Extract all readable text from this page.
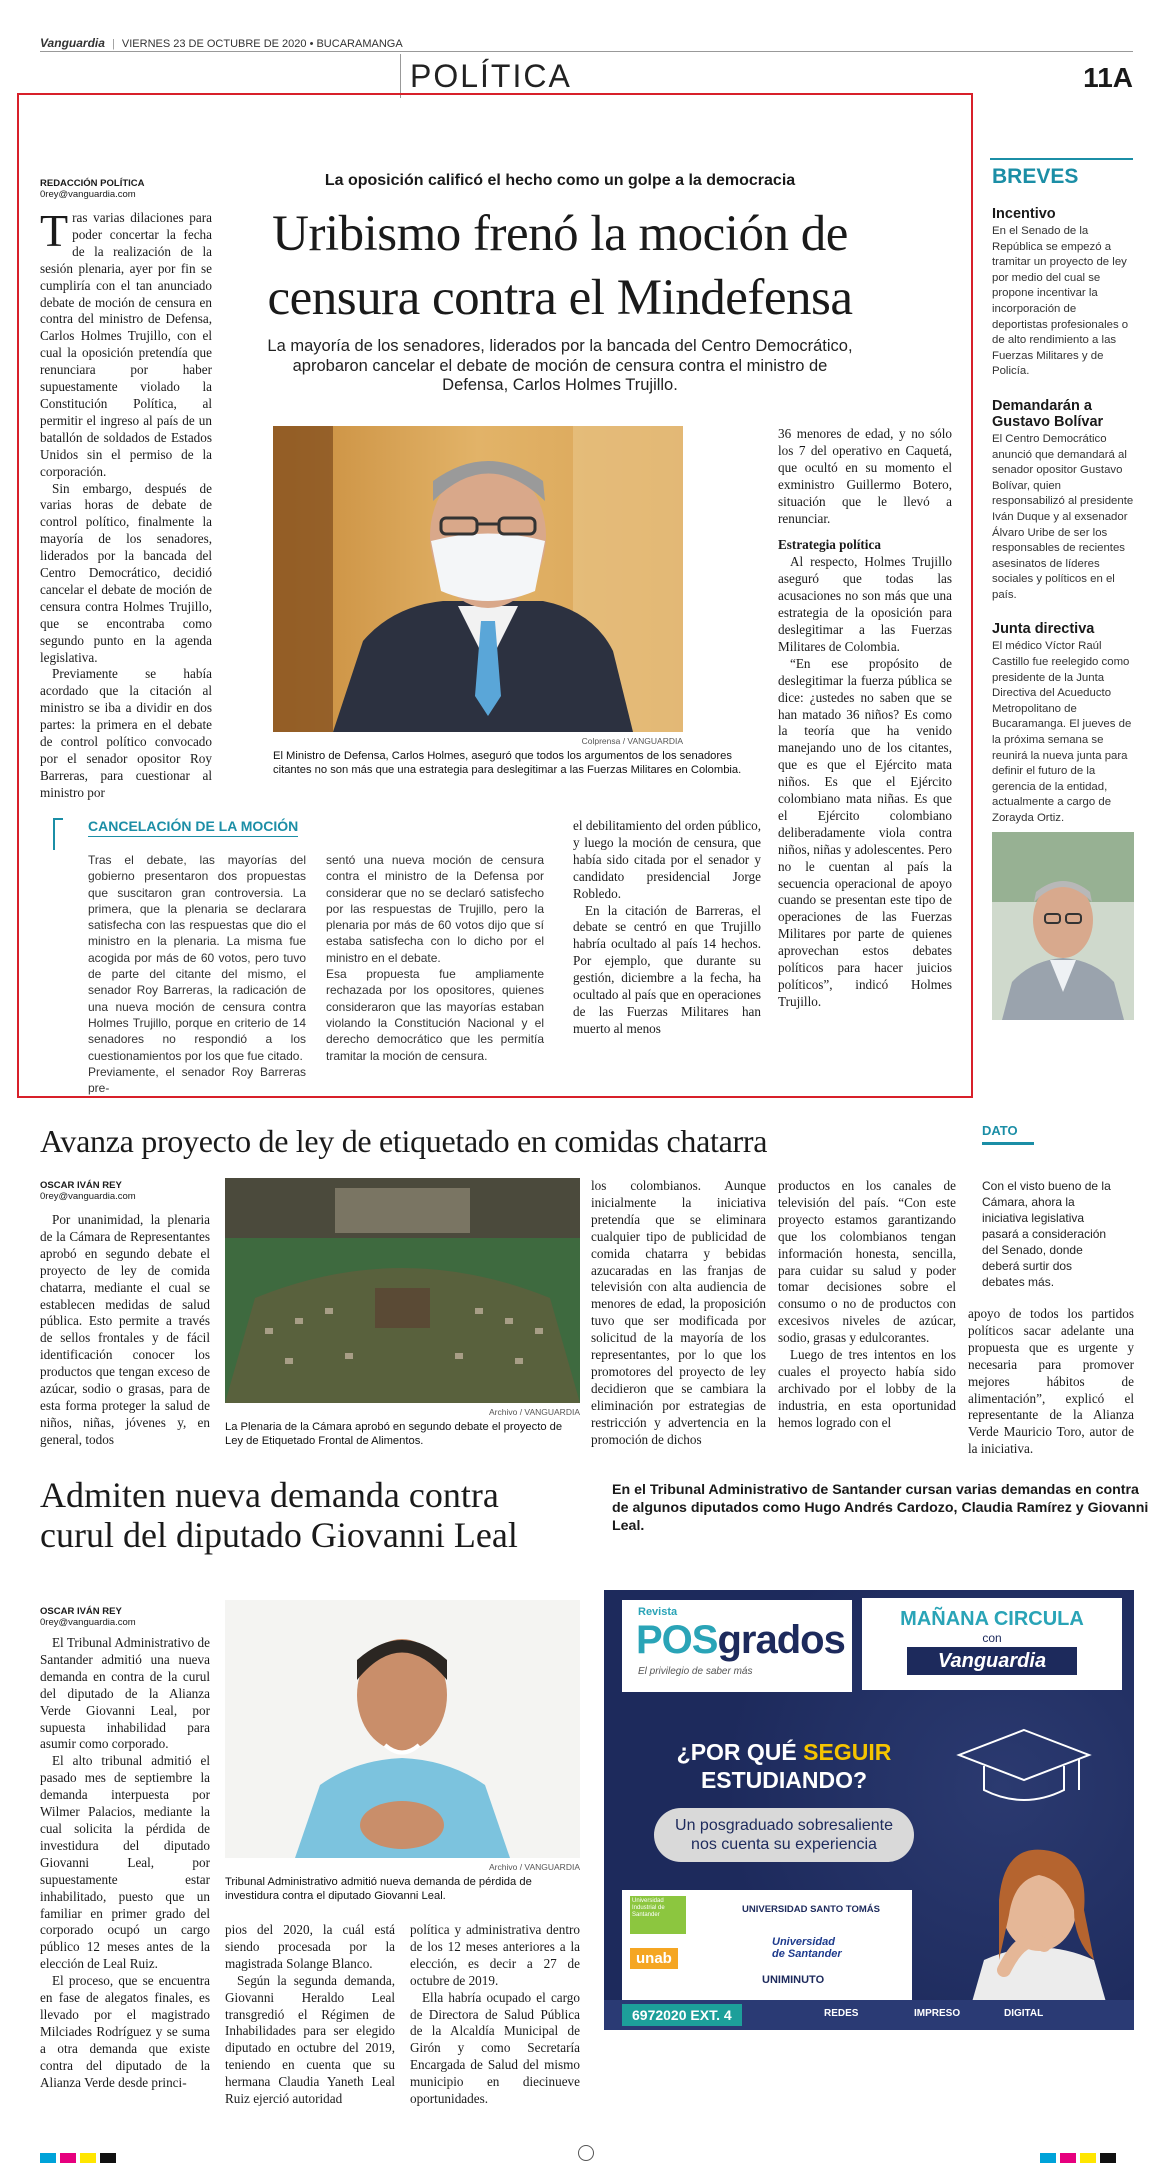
Vanguardia | VIERNES 23 DE OCTUBRE DE 2020 • BUCARAMANGA
POLÍTICA	11A
REDACCIÓN POLÍTICA
0rey@vanguardia.com
La oposición calificó el hecho como un golpe a la democracia
Uribismo frenó la moción de
censura contra el Mindefensa
La mayoría de los senadores, liderados por la bancada del Centro Democrático, aprobaron cancelar el debate de moción de censura contra el ministro de Defensa, Carlos Holmes Trujillo.

Tras varias dilaciones para poder concertar la fecha de la realización de la sesión plenaria, ayer por fin se cumpliría con el tan anunciado debate de moción de censura en contra del ministro de Defensa, Carlos Holmes Trujillo, con el cual la oposición pretendía que renunciara por haber supuestamente violado la Constitución Política, al permitir el ingreso al país de un batallón de soldados de Estados Unidos sin el permiso de la corporación.

Sin embargo, después de varias horas de debate de control político, finalmente la mayoría de los senadores, liderados por la bancada del Centro Democrático, decidió cancelar el debate de moción de censura contra Holmes Trujillo, que se encontraba como segundo punto en la agenda legislativa.

Previamente se había acordado que la citación al ministro se iba a dividir en dos partes: la primera en el debate de control político convocado por el senador opositor Roy Barreras, para cuestionar al ministro por

Colprensa / VANGUARDIA
El Ministro de Defensa, Carlos Holmes, aseguró que todos los argumentos de los senadores citantes no son más que una estrategia para deslegitimar a las Fuerzas Militares en Colombia.

36 menores de edad, y no sólo los 7 del operativo en Caquetá, que ocultó en su momento el exministro Guillermo Botero, situación que le llevó a renunciar.

Estrategia política

Al respecto, Holmes Trujillo aseguró que todas las acusaciones no son más que una estrategia de la oposición para deslegitimar a las Fuerzas Militares de Colombia.

“En ese propósito de deslegitimar la fuerza pública se dice: ¿ustedes no saben que se han matado 36 niños? Es como la teoría que ha venido manejando uno de los citantes, que es que el Ejército mata niños. Es que el Ejército colombiano mata niñas. Es que el Ejército colombiano deliberadamente viola contra niños, niñas y adolescentes. Pero no le cuentan al país la secuencia operacional de apoyo cuando se presentan este tipo de operaciones de las Fuerzas Militares por parte de quienes aprovechan estos debates políticos para hacer juicios políticos”, indicó Holmes Trujillo.

el debilitamiento del orden público, y luego la moción de censura, que había sido citada por el senador y candidato presidencial Jorge Robledo.

En la citación de Barreras, el debate se centró en que Trujillo habría ocultado al país 14 hechos. Por ejemplo, que durante su gestión, diciembre a la fecha, ha ocultado al país que en operaciones de las Fuerzas Militares han muerto al menos

CANCELACIÓN DE LA MOCIÓN

Tras el debate, las mayorías del gobierno presentaron dos propuestas que suscitaron gran controversia. La primera, que la plenaria se declarara satisfecha con las respuestas que dio el ministro en la plenaria. La misma fue acogida por más de 60 votos, pero tuvo de parte del citante del mismo, el senador Roy Barreras, la radicación de una nueva moción de censura contra Holmes Trujillo, porque en criterio de 14 senadores no respondió a los cuestionamientos por los que fue citado.

Previamente, el senador Roy Barreras pre-

sentó una nueva moción de censura contra el ministro de la Defensa por considerar que no se declaró satisfecho por las respuestas de Trujillo, pero la plenaria por más de 60 votos dijo que sí estaba satisfecha con lo dicho por el ministro en el debate.

Esa propuesta fue ampliamente rechazada por los opositores, quienes consideraron que las mayorías estaban violando la Constitución Nacional y el derecho democrático que les permitía tramitar la moción de censura.

BREVES
Incentivo

En el Senado de la República se empezó a tramitar un proyecto de ley por medio del cual se propone incentivar la incorporación de deportistas profesionales o de alto rendimiento a las Fuerzas Militares y de Policía.

Demandarán a
Gustavo Bolívar

El Centro Democrático anunció que demandará al senador opositor Gustavo Bolívar, quien responsabilizó al presidente Iván Duque y al exsenador Álvaro Uribe de ser los responsables de recientes asesinatos de líderes sociales y políticos en el país.

Junta directiva

El médico Víctor Raúl Castillo fue reelegido como presidente de la Junta Directiva del Acueducto Metropolitano de Bucaramanga. El jueves de la próxima semana se reunirá la nueva junta para definir el futuro de la gerencia de la entidad, actualmente a cargo de Zorayda Ortiz.

Avanza proyecto de ley de etiquetado en comidas chatarra
OSCAR IVÁN REY
0rey@vanguardia.com

Por unanimidad, la plenaria de la Cámara de Representantes aprobó en segundo debate el proyecto de ley de comida chatarra, mediante el cual se establecen medidas de salud pública. Esto permite a través de sellos frontales y de fácil identificación conocer los productos que tengan exceso de azúcar, sodio o grasas, para de esta forma proteger la salud de niños, niñas, jóvenes y, en general, todos

Archivo / VANGUARDIA
La Plenaria de la Cámara aprobó en segundo debate el proyecto de Ley de Etiquetado Frontal de Alimentos.

los colombianos. Aunque inicialmente la iniciativa pretendía que se eliminara cualquier tipo de publicidad de comida chatarra y bebidas azucaradas en las franjas de televisión con alta audiencia de menores de edad, la proposición tuvo que ser modificada por solicitud de la mayoría de los representantes, por lo que los promotores del proyecto de ley decidieron que se cambiara la eliminación por estrategias de restricción y advertencia en la promoción de dichos

productos en los canales de televisión del país. “Con este proyecto estamos garantizando que los colombianos tengan información honesta, sencilla, para cuidar su salud y poder tomar decisiones sobre el consumo o no de productos con excesivos niveles de azúcar, sodio, grasas y edulcorantes.

Luego de tres intentos en los cuales el proyecto había sido archivado por el lobby de la industria, en esta oportunidad hemos logrado con el

DATO
Con el visto bueno de la Cámara, ahora la iniciativa legislativa pasará a consideración del Senado, donde deberá surtir dos debates más.

apoyo de todos los partidos políticos sacar adelante una propuesta que es urgente y necesaria para promover mejores hábitos de alimentación”, explicó el representante de la Alianza Verde Mauricio Toro, autor de la iniciativa.

Admiten nueva demanda contra
curul del diputado Giovanni Leal
En el Tribunal Administrativo de Santander cursan varias demandas en contra de algunos diputados como Hugo Andrés Cardozo, Claudia Ramírez y Giovanni Leal.
OSCAR IVÁN REY
0rey@vanguardia.com

El Tribunal Administrativo de Santander admitió una nueva demanda en contra de la curul del diputado de la Alianza Verde Giovanni Leal, por supuesta inhabilidad para asumir como corporado.

El alto tribunal admitió el pasado mes de septiembre la demanda interpuesta por Wilmer Palacios, mediante la cual solicita la pérdida de investidura del diputado Giovanni Leal, por supuestamente estar inhabilitado, puesto que un familiar en primer grado del corporado ocupó un cargo público 12 meses antes de la elección de Leal Ruiz.

El proceso, que se encuentra en fase de alegatos finales, es llevado por el magistrado Milciades Rodríguez y se suma a otra demanda que existe contra del diputado de la Alianza Verde desde princi-

Archivo / VANGUARDIA
Tribunal Administrativo admitió nueva demanda de pérdida de investidura contra el diputado Giovanni Leal.

pios del 2020, la cuál está siendo procesada por la magistrada Solange Blanco.

Según la segunda demanda, Giovanni Heraldo Leal transgredió el Régimen de Inhabilidades para ser elegido diputado en octubre del 2019, teniendo en cuenta que su hermana Claudia Yaneth Leal Ruiz ejerció autoridad

política y administrativa dentro de los 12 meses anteriores a la elección, es decir a 27 de octubre de 2019.

Ella habría ocupado el cargo de Directora de Salud Pública de la Alcaldía Municipal de Girón y como Secretaría Encargada de Salud del mismo municipio en diecinueve oportunidades.

Revista
POSgrados
El privilegio de saber más
MAÑANA CIRCULA
con
Vanguardia
¿POR QUÉ SEGUIR
ESTUDIANDO?
Un posgraduado sobresaliente nos cuenta su experiencia
Universidad Industrial de Santander	UNIVERSIDAD SANTO TOMÁS
Universidad
de Santander
unab
UNIMINUTO
6972020 EXT. 4	REDES	IMPRESO	DIGITAL
